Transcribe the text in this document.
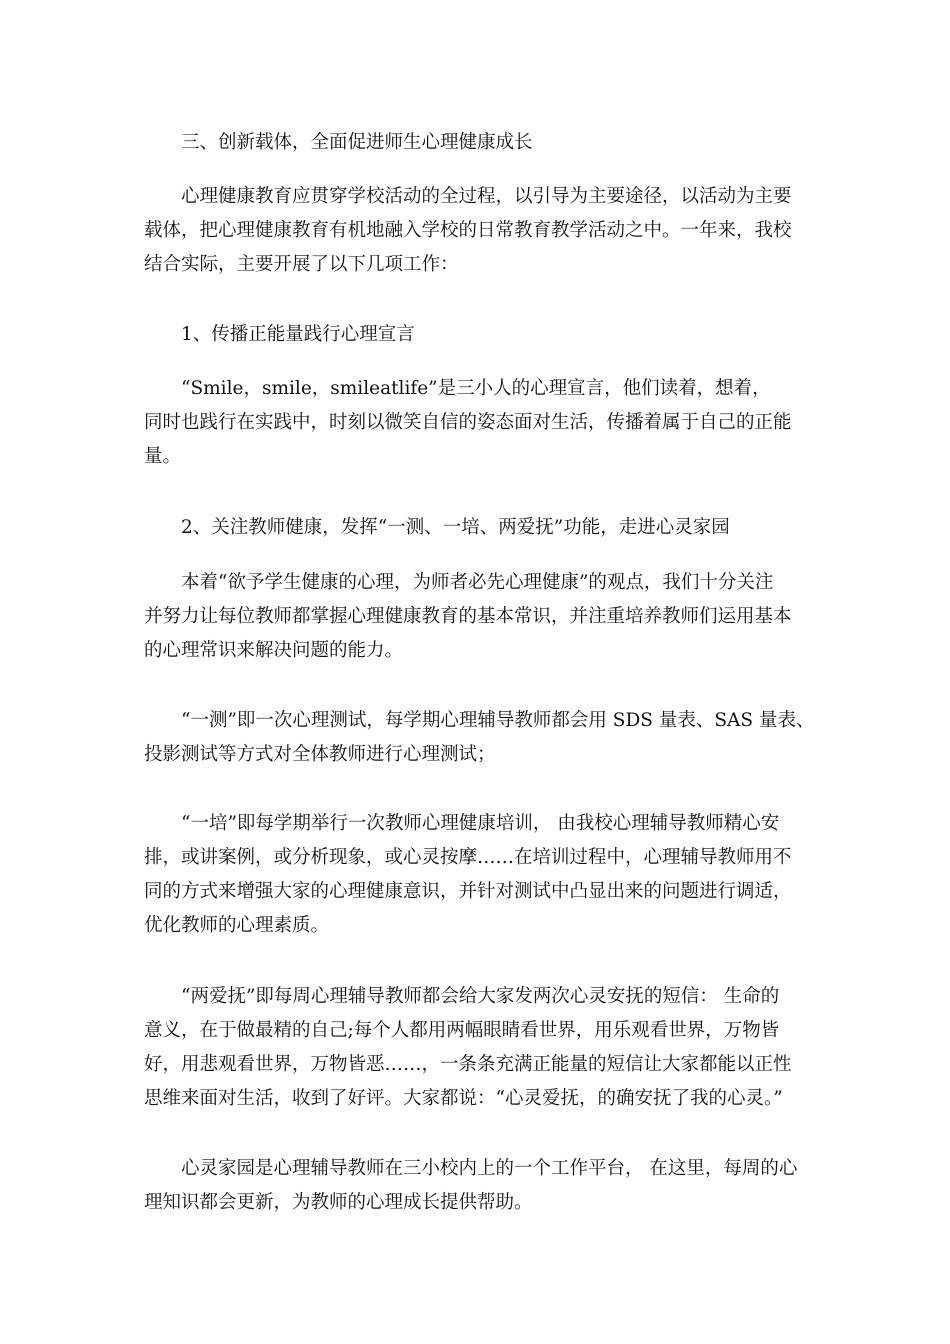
三、创新载体，全面促进师生心理健康成长

心理健康教育应贯穿学校活动的全过程，以引导为主要途径，以活动为主要
载体，把心理健康教育有机地融入学校的日常教育教学活动之中。一年来，我校
结合实际，主要开展了以下几项工作：

1、传播正能量践行心理宣言

“Smile，smile，smileatlife”是三小人的心理宣言，他们读着，想着，
同时也践行在实践中，时刻以微笑自信的姿态面对生活，传播着属于自己的正能
量。

2、关注教师健康，发挥“一测、一培、两爱抚”功能，走进心灵家园

本着“欲予学生健康的心理，为师者必先心理健康”的观点，我们十分关注
并努力让每位教师都掌握心理健康教育的基本常识，并注重培养教师们运用基本
的心理常识来解决问题的能力。

“一测”即一次心理测试，每学期心理辅导教师都会用 SDS 量表、SAS 量表、
投影测试等方式对全体教师进行心理测试；

“一培”即每学期举行一次教师心理健康培训， 由我校心理辅导教师精心安
排，或讲案例，或分析现象，或心灵按摩……在培训过程中，心理辅导教师用不
同的方式来增强大家的心理健康意识，并针对测试中凸显出来的问题进行调适，
优化教师的心理素质。

“两爱抚”即每周心理辅导教师都会给大家发两次心灵安抚的短信： 生命的
意义，在于做最精的自己;每个人都用两幅眼睛看世界，用乐观看世界，万物皆
好，用悲观看世界，万物皆恶……，一条条充满正能量的短信让大家都能以正性
思维来面对生活，收到了好评。大家都说：“心灵爱抚，的确安抚了我的心灵。”

心灵家园是心理辅导教师在三小校内上的一个工作平台， 在这里，每周的心
理知识都会更新，为教师的心理成长提供帮助。
